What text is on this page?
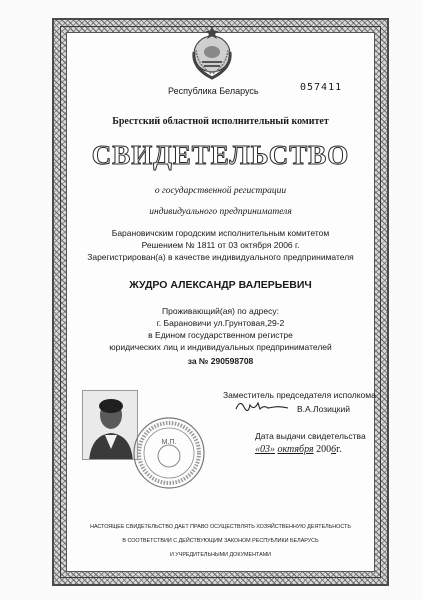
Республика Беларусь	057411
Брестский областной исполнительный комитет
СВИДЕТЕЛЬСТВО
о государственной регистрации
индивидуального предпринимателя
Барановичским городским исполнительным комитетом
Решением № 1811 от 03 октября 2006 г.
Зарегистрирован(а) в качестве индивидуального предпринимателя
ЖУДРО АЛЕКСАНДР ВАЛЕРЬЕВИЧ
Проживающий(ая) по адресу:
г. Барановичи ул.Грунтовая,29-2
в Едином государственном регистре
юридических лиц и индивидуальных предпринимателей
за № 290598708
М.П.
Заместитель председателя исполкома
В.А.Лозицкий
Дата выдачи свидетельства
«03» октября 2006г.
НАСТОЯЩЕЕ СВИДЕТЕЛЬСТВО ДАЕТ ПРАВО ОСУЩЕСТВЛЯТЬ ХОЗЯЙСТВЕННУЮ ДЕЯТЕЛЬНОСТЬ
В СООТВЕТСТВИИ С ДЕЙСТВУЮЩИМ ЗАКОНОМ РЕСПУБЛИКИ БЕЛАРУСЬ
И УЧРЕДИТЕЛЬНЫМИ ДОКУМЕНТАМИ
